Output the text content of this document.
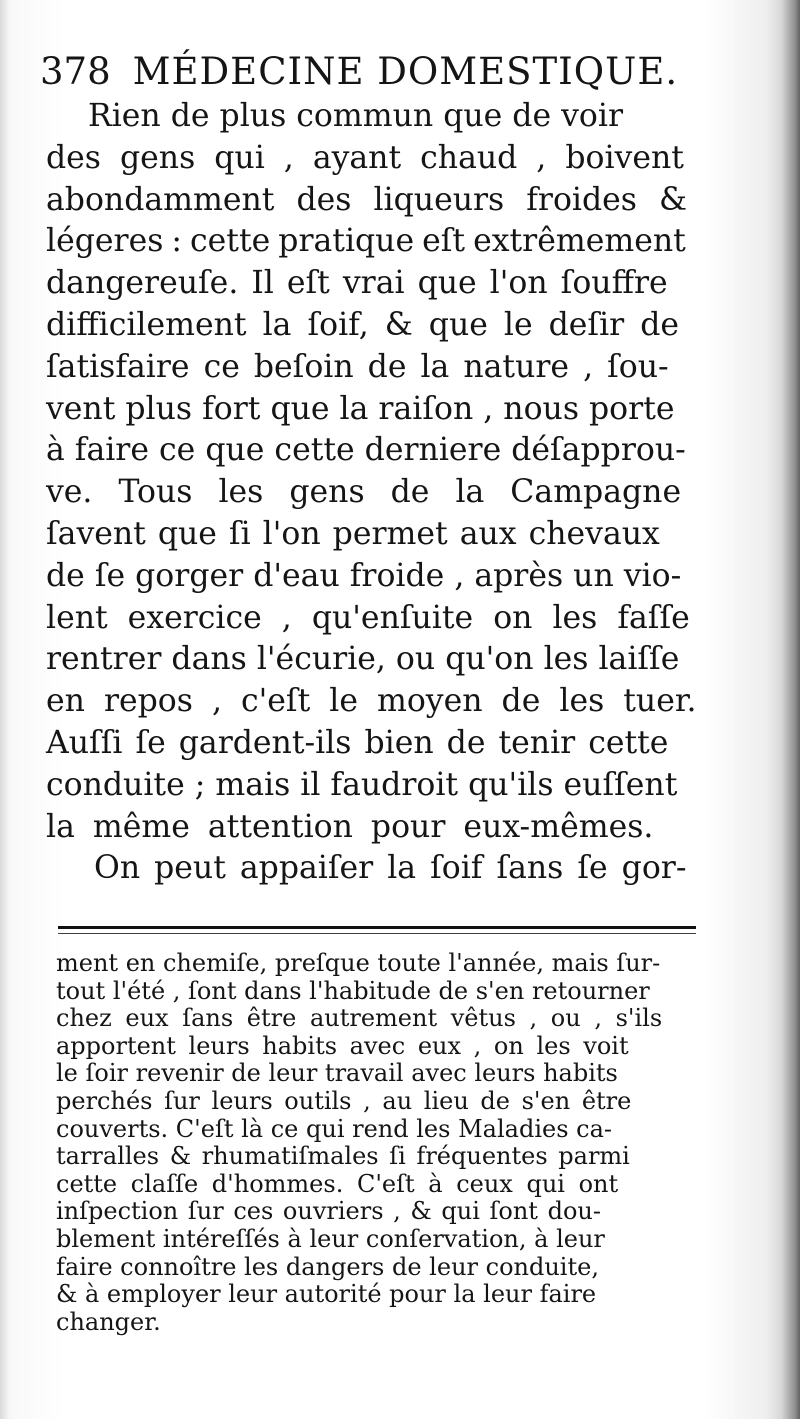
378 MÉDECINE DOMESTIQUE.
Rien de plus commun que de voir
des gens qui , ayant chaud , boivent
abondamment des liqueurs froides &
légeres : cette pratique eſt extrêmement
dangereuſe. Il eſt vrai que l'on ſouffre
difficilement la ſoif, & que le deſir de
ſatisfaire ce beſoin de la nature , ſou-
vent plus fort que la raiſon , nous porte
à faire ce que cette derniere déſapprou-
ve. Tous les gens de la Campagne
ſavent que ſi l'on permet aux chevaux
de ſe gorger d'eau froide , après un vio-
lent exercice , qu'enſuite on les faſſe
rentrer dans l'écurie, ou qu'on les laiſſe
en repos , c'eſt le moyen de les tuer.
Auſſi ſe gardent-ils bien de tenir cette
conduite ; mais il faudroit qu'ils euſſent
la même attention pour eux-mêmes.
On peut appaiſer la ſoif ſans ſe gor-
ment en chemiſe, preſque toute l'année, mais ſur-
tout l'été , ſont dans l'habitude de s'en retourner
chez eux ſans être autrement vêtus , ou , s'ils
apportent leurs habits avec eux , on les voit
le ſoir revenir de leur travail avec leurs habits
perchés ſur leurs outils , au lieu de s'en être
couverts. C'eſt là ce qui rend les Maladies ca-
tarralles & rhumatiſmales ſi fréquentes parmi
cette claſſe d'hommes. C'eſt à ceux qui ont
inſpection ſur ces ouvriers , & qui ſont dou-
blement intéreſſés à leur conſervation, à leur
faire connoître les dangers de leur conduite,
& à employer leur autorité pour la leur faire
changer.
